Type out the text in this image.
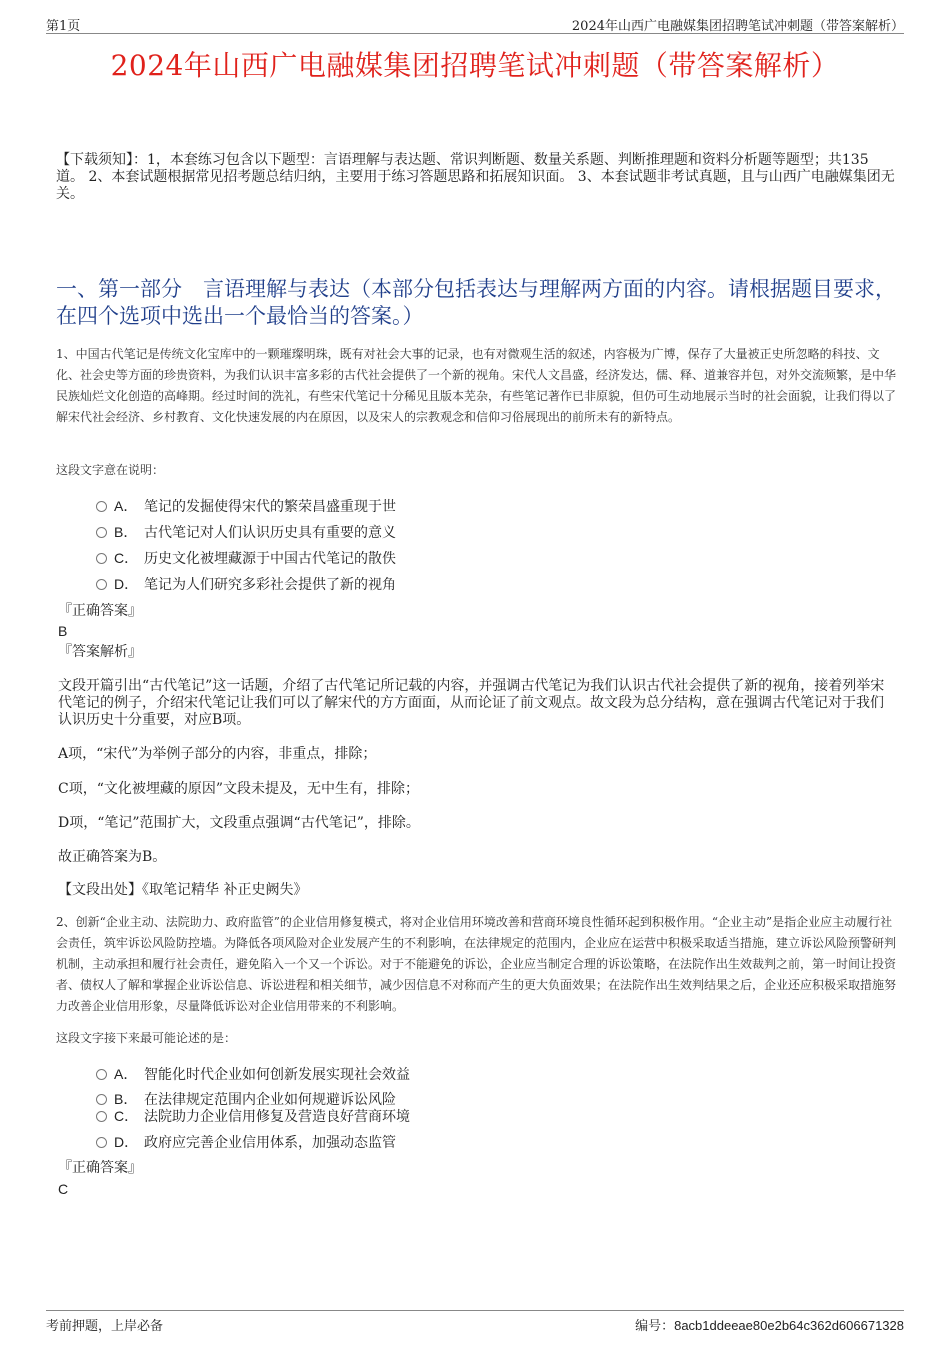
第1页	2024年山西广电融媒集团招聘笔试冲刺题（带答案解析）
2024年山西广电融媒集团招聘笔试冲刺题（带答案解析）
【下载须知】：1，本套练习包含以下题型：言语理解与表达题、常识判断题、数量关系题、判断推理题和资料分析题等题型；共135道。 2、本套试题根据常见招考题总结归纳，主要用于练习答题思路和拓展知识面。 3、本套试题非考试真题，且与山西广电融媒集团无关。
一、第一部分　言语理解与表达（本部分包括表达与理解两方面的内容。请根据题目要求，在四个选项中选出一个最恰当的答案。）
1、中国古代笔记是传统文化宝库中的一颗璀璨明珠，既有对社会大事的记录，也有对微观生活的叙述，内容极为广博，保存了大量被正史所忽略的科技、文化、社会史等方面的珍贵资料，为我们认识丰富多彩的古代社会提供了一个新的视角。宋代人文昌盛，经济发达，儒、释、道兼容并包，对外交流频繁，是中华民族灿烂文化创造的高峰期。经过时间的洗礼，有些宋代笔记十分稀见且版本芜杂，有些笔记著作已非原貌，但仍可生动地展示当时的社会面貌，让我们得以了解宋代社会经济、乡村教育、文化快速发展的内在原因，以及宋人的宗教观念和信仰习俗展现出的前所未有的新特点。
这段文字意在说明：
A． 笔记的发掘使得宋代的繁荣昌盛重现于世
B． 古代笔记对人们认识历史具有重要的意义
C． 历史文化被埋藏源于中国古代笔记的散佚
D． 笔记为人们研究多彩社会提供了新的视角
『正确答案』
B
『答案解析』
文段开篇引出“古代笔记”这一话题，介绍了古代笔记所记载的内容，并强调古代笔记为我们认识古代社会提供了新的视角，接着列举宋代笔记的例子，介绍宋代笔记让我们可以了解宋代的方方面面，从而论证了前文观点。故文段为总分结构，意在强调古代笔记对于我们认识历史十分重要，对应B项。
A项，“宋代”为举例子部分的内容，非重点，排除；
C项，“文化被埋藏的原因”文段未提及，无中生有，排除；
D项，“笔记”范围扩大，文段重点强调“古代笔记”，排除。
故正确答案为B。
【文段出处】《取笔记精华 补正史阙失》
2、创新“企业主动、法院助力、政府监管”的企业信用修复模式，将对企业信用环境改善和营商环境良性循环起到积极作用。“企业主动”是指企业应主动履行社会责任，筑牢诉讼风险防控墙。为降低各项风险对企业发展产生的不利影响，在法律规定的范围内，企业应在运营中积极采取适当措施，建立诉讼风险预警研判机制，主动承担和履行社会责任，避免陷入一个又一个诉讼。对于不能避免的诉讼，企业应当制定合理的诉讼策略，在法院作出生效裁判之前，第一时间让投资者、债权人了解和掌握企业诉讼信息、诉讼进程和相关细节，减少因信息不对称而产生的更大负面效果；在法院作出生效判结果之后，企业还应积极采取措施努力改善企业信用形象，尽量降低诉讼对企业信用带来的不利影响。
这段文字接下来最可能论述的是：
A． 智能化时代企业如何创新发展实现社会效益
B． 在法律规定范围内企业如何规避诉讼风险
C． 法院助力企业信用修复及营造良好营商环境
D． 政府应完善企业信用体系，加强动态监管
『正确答案』
C
考前押题，上岸必备	编号：8acb1ddeeae80e2b64c362d606671328
